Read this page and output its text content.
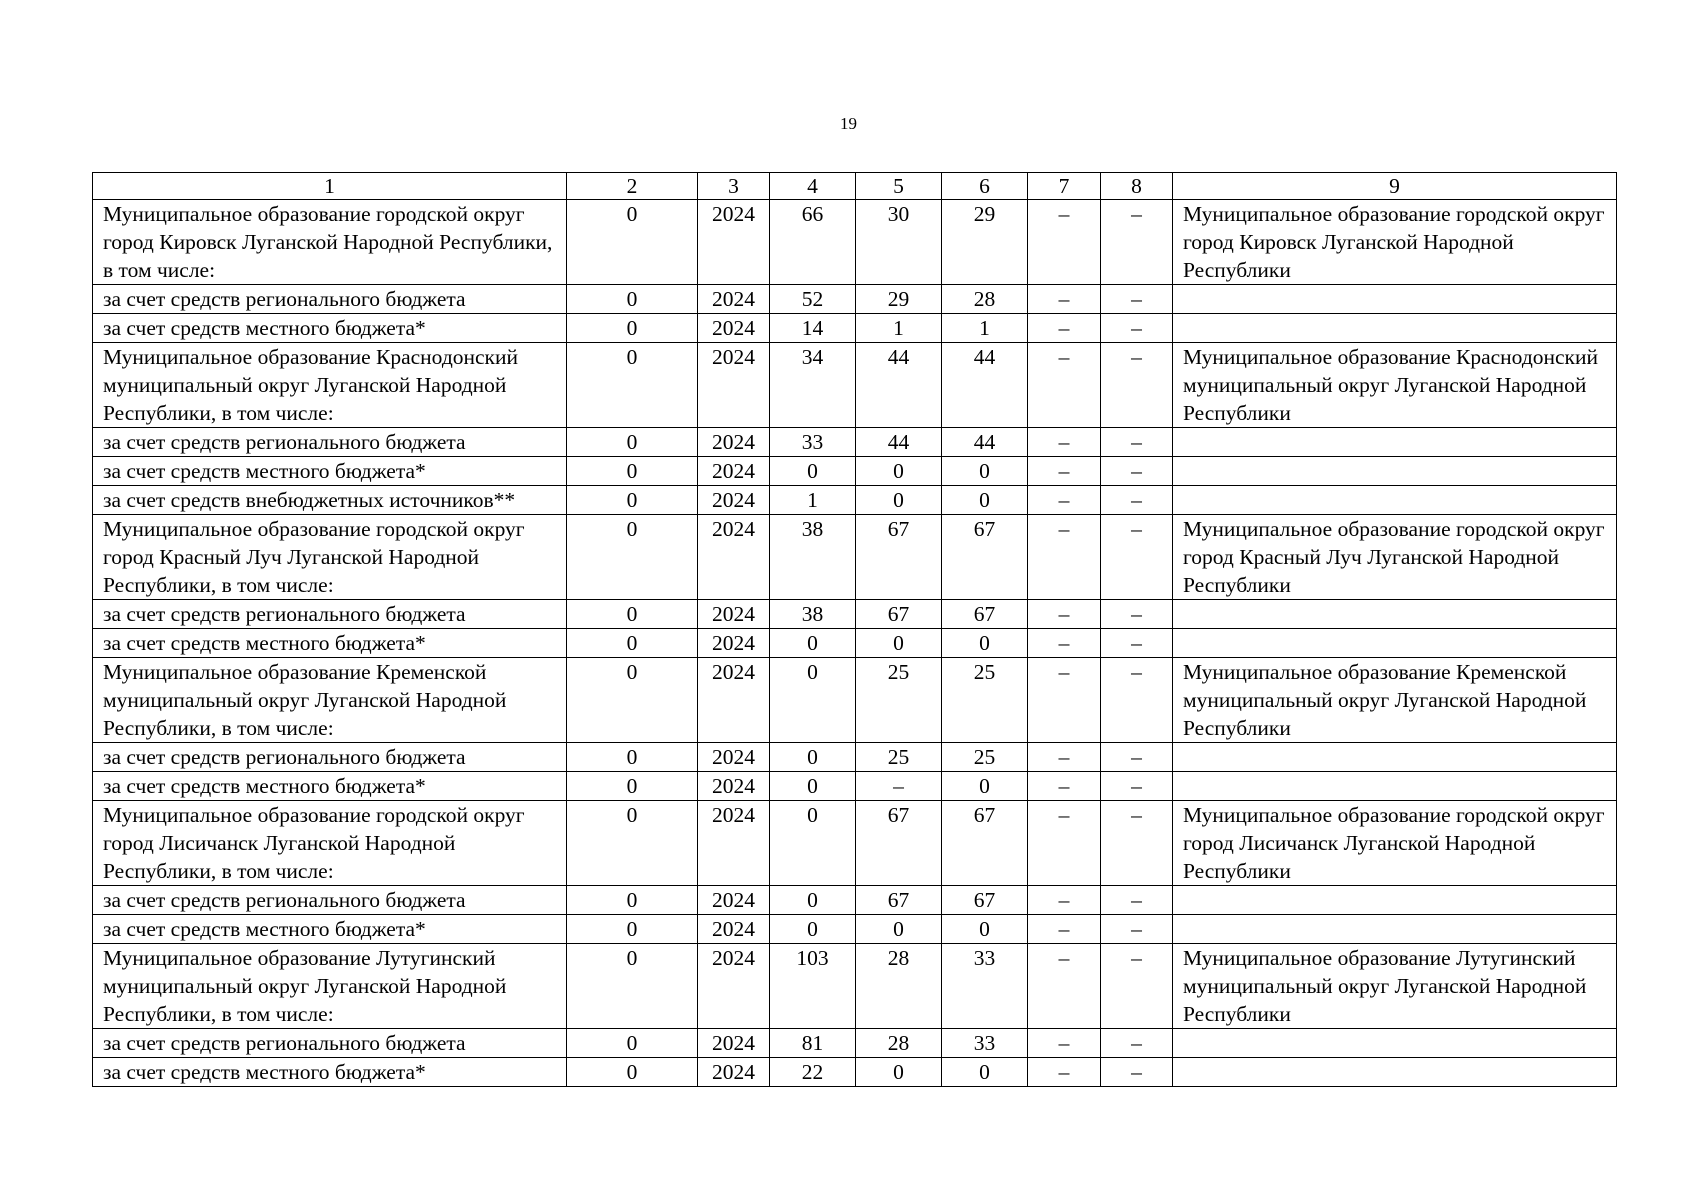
19
1	2	3	4	5	6	7	8	9
Муниципальное образование городской округ город Кировск Луганской Народной Республики, в том числе:	0	2024	66	30	29	–	–	Муниципальное образование городской округ город Кировск Луганской Народной Республики
за счет средств регионального бюджета	0	2024	52	29	28	–	–	
за счет средств местного бюджета*	0	2024	14	1	1	–	–	
Муниципальное образование Краснодонский муниципальный округ Луганской Народной Республики, в том числе:	0	2024	34	44	44	–	–	Муниципальное образование Краснодонский муниципальный округ Луганской Народной Республики
за счет средств регионального бюджета	0	2024	33	44	44	–	–	
за счет средств местного бюджета*	0	2024	0	0	0	–	–	
за счет средств внебюджетных источников**	0	2024	1	0	0	–	–	
Муниципальное образование городской округ город Красный Луч Луганской Народной Республики, в том числе:	0	2024	38	67	67	–	–	Муниципальное образование городской округ город Красный Луч Луганской Народной Республики
за счет средств регионального бюджета	0	2024	38	67	67	–	–	
за счет средств местного бюджета*	0	2024	0	0	0	–	–	
Муниципальное образование Кременской муниципальный округ Луганской Народной Республики, в том числе:	0	2024	0	25	25	–	–	Муниципальное образование Кременской муниципальный округ Луганской Народной Республики
за счет средств регионального бюджета	0	2024	0	25	25	–	–	
за счет средств местного бюджета*	0	2024	0	–	0	–	–	
Муниципальное образование городской округ город Лисичанск Луганской Народной Республики, в том числе:	0	2024	0	67	67	–	–	Муниципальное образование городской округ город Лисичанск Луганской Народной Республики
за счет средств регионального бюджета	0	2024	0	67	67	–	–	
за счет средств местного бюджета*	0	2024	0	0	0	–	–	
Муниципальное образование Лутугинский муниципальный округ Луганской Народной Республики, в том числе:	0	2024	103	28	33	–	–	Муниципальное образование Лутугинский муниципальный округ Луганской Народной Республики
за счет средств регионального бюджета	0	2024	81	28	33	–	–	
за счет средств местного бюджета*	0	2024	22	0	0	–	–	
